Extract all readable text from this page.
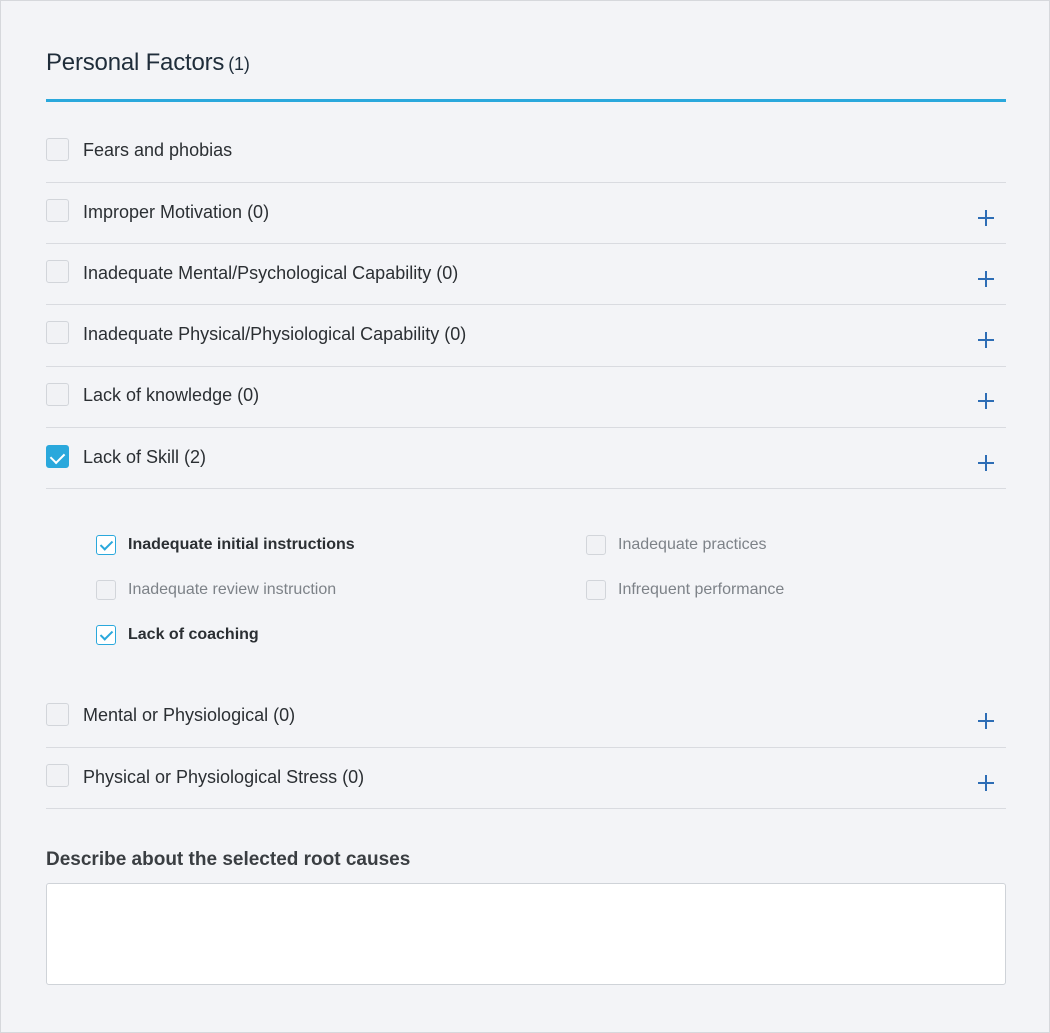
Personal Factors (1)
Fears and phobias
Improper Motivation (0)
Inadequate Mental/Psychological Capability (0)
Inadequate Physical/Physiological Capability (0)
Lack of knowledge (0)
Lack of Skill (2)
Inadequate initial instructions	Inadequate practices
Inadequate review instruction	Infrequent performance
Lack of coaching
Mental or Physiological (0)
Physical or Physiological Stress (0)
Describe about the selected root causes
